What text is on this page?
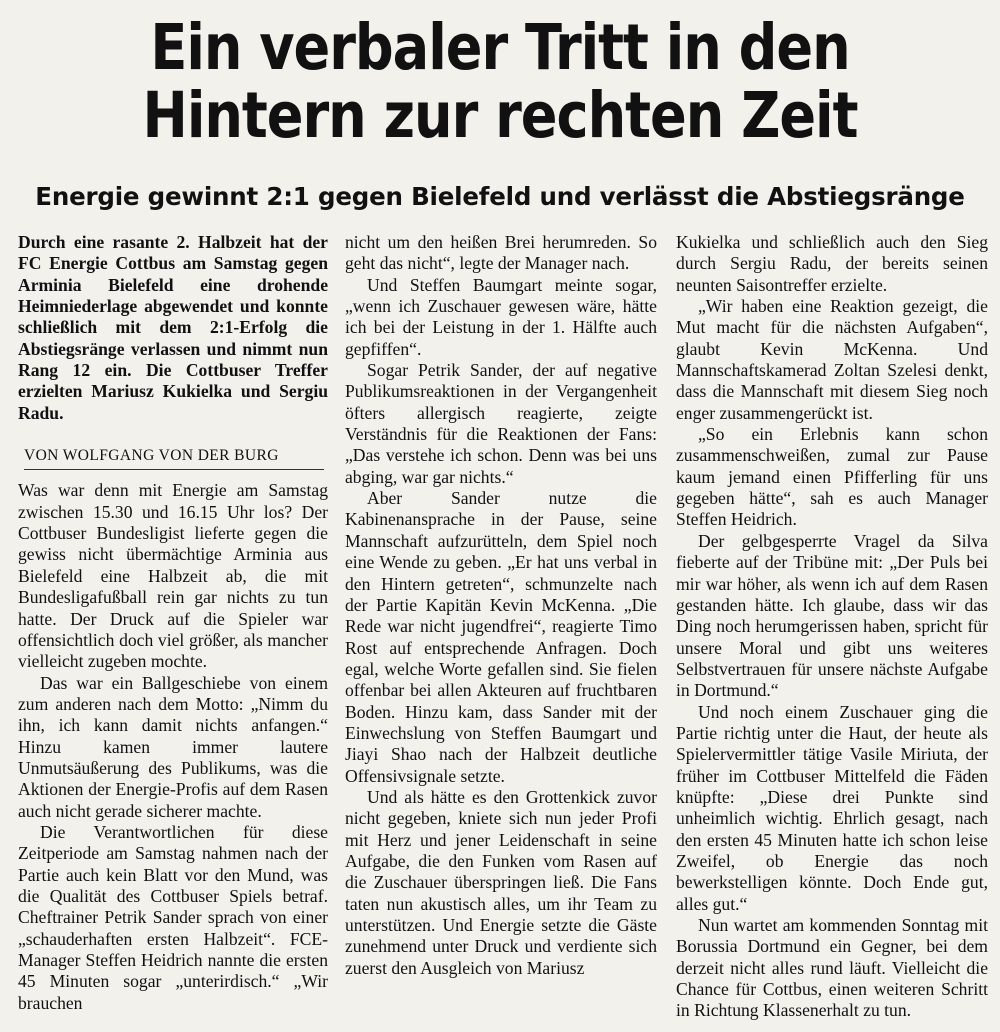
Ein verbaler Tritt in den
Hintern zur rechten Zeit
Energie gewinnt 2:1 gegen Bielefeld und verlässt die Abstiegsränge

Durch eine rasante 2. Halbzeit hat der FC Energie Cottbus am Samstag gegen Arminia Bielefeld eine drohende Heimniederlage abgewendet und konnte schließlich mit dem 2:1-Erfolg die Abstiegsränge verlassen und nimmt nun Rang 12 ein. Die Cottbuser Treffer erzielten Mariusz Kukielka und Sergiu Radu.

VON WOLFGANG VON DER BURG

Was war denn mit Energie am Samstag zwischen 15.30 und 16.15 Uhr los? Der Cottbuser Bundesligist lieferte gegen die gewiss nicht übermächtige Arminia aus Bielefeld eine Halbzeit ab, die mit Bundesligafußball rein gar nichts zu tun hatte. Der Druck auf die Spieler war offensichtlich doch viel größer, als mancher vielleicht zugeben mochte.

Das war ein Ballgeschiebe von einem zum anderen nach dem Motto: „Nimm du ihn, ich kann damit nichts anfangen.“ Hinzu kamen immer lautere Unmutsäußerung des Publikums, was die Aktionen der Energie-Profis auf dem Rasen auch nicht gerade sicherer machte.

Die Verantwortlichen für diese Zeitperiode am Samstag nahmen nach der Partie auch kein Blatt vor den Mund, was die Qualität des Cottbuser Spiels betraf. Cheftrainer Petrik Sander sprach von einer „schauderhaften ersten Halbzeit“. FCE-Manager Steffen Heidrich nannte die ersten 45 Minuten sogar „unterirdisch.“ „Wir brauchen

nicht um den heißen Brei herumreden. So geht das nicht“, legte der Manager nach.

Und Steffen Baumgart meinte sogar, „wenn ich Zuschauer gewesen wäre, hätte ich bei der Leistung in der 1. Hälfte auch gepfiffen“.

Sogar Petrik Sander, der auf negative Publikumsreaktionen in der Vergangenheit öfters allergisch reagierte, zeigte Verständnis für die Reaktionen der Fans: „Das verstehe ich schon. Denn was bei uns abging, war gar nichts.“

Aber Sander nutze die Kabinenansprache in der Pause, seine Mannschaft aufzurütteln, dem Spiel noch eine Wende zu geben. „Er hat uns verbal in den Hintern getreten“, schmunzelte nach der Partie Kapitän Kevin McKenna. „Die Rede war nicht jugendfrei“, reagierte Timo Rost auf entsprechende Anfragen. Doch egal, welche Worte gefallen sind. Sie fielen offenbar bei allen Akteuren auf fruchtbaren Boden. Hinzu kam, dass Sander mit der Einwechslung von Steffen Baumgart und Jiayi Shao nach der Halbzeit deutliche Offensivsignale setzte.

Und als hätte es den Grottenkick zuvor nicht gegeben, kniete sich nun jeder Profi mit Herz und jener Leidenschaft in seine Aufgabe, die den Funken vom Rasen auf die Zuschauer überspringen ließ. Die Fans taten nun akustisch alles, um ihr Team zu unterstützen. Und Energie setzte die Gäste zunehmend unter Druck und verdiente sich zuerst den Ausgleich von Mariusz

Kukielka und schließlich auch den Sieg durch Sergiu Radu, der bereits seinen neunten Saisontreffer erzielte.

„Wir haben eine Reaktion gezeigt, die Mut macht für die nächsten Aufgaben“, glaubt Kevin McKenna. Und Mannschaftskamerad Zoltan Szelesi denkt, dass die Mannschaft mit diesem Sieg noch enger zusammengerückt ist.

„So ein Erlebnis kann schon zusammenschweißen, zumal zur Pause kaum jemand einen Pfifferling für uns gegeben hätte“, sah es auch Manager Steffen Heidrich.

Der gelbgesperrte Vragel da Silva fieberte auf der Tribüne mit: „Der Puls bei mir war höher, als wenn ich auf dem Rasen gestanden hätte. Ich glaube, dass wir das Ding noch herumgerissen haben, spricht für unsere Moral und gibt uns weiteres Selbstvertrauen für unsere nächste Aufgabe in Dortmund.“

Und noch einem Zuschauer ging die Partie richtig unter die Haut, der heute als Spielervermittler tätige Vasile Miriuta, der früher im Cottbuser Mittelfeld die Fäden knüpfte: „Diese drei Punkte sind unheimlich wichtig. Ehrlich gesagt, nach den ersten 45 Minuten hatte ich schon leise Zweifel, ob Energie das noch bewerkstelligen könnte. Doch Ende gut, alles gut.“

Nun wartet am kommenden Sonntag mit Borussia Dortmund ein Gegner, bei dem derzeit nicht alles rund läuft. Vielleicht die Chance für Cottbus, einen weiteren Schritt in Richtung Klassenerhalt zu tun.
